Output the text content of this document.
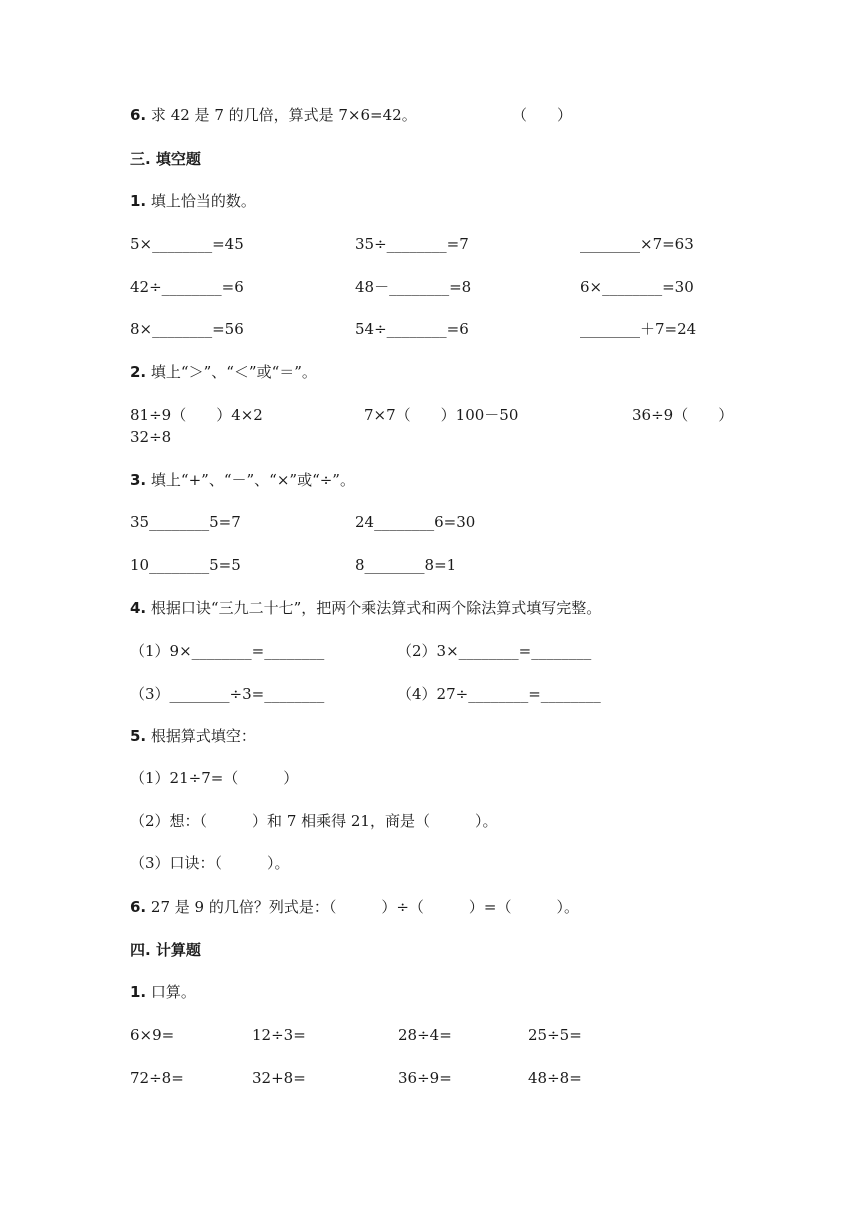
6. 求 42 是 7 的几倍，算式是 7×6=42。	（　　）
三. 填空题
1. 填上恰当的数。
5×________=45	35÷________=7	________×7=63
42÷________=6	48－________=8	6×________=30
8×________=56	54÷________=6	________＋7=24
2. 填上“＞”、“＜”或“＝”。
81÷9（　　）4×2	7×7（　　）100－50	36÷9（　　）
32÷8
3. 填上“+”、“－”、“×”或“÷”。
35________5=7	24________6=30
10________5=5	8________8=1
4. 根据口诀“三九二十七”，把两个乘法算式和两个除法算式填写完整。
（1）9×________=________	（2）3×________=________
（3）________÷3=________	（4）27÷________=________
5. 根据算式填空：
（1）21÷7=（　　　）
（2）想：（　　　）和 7 相乘得 21，商是（　　　）。
（3）口诀：（　　　）。
6. 27 是 9 的几倍？列式是：（　　　）÷（　　　）=（　　　）。
四. 计算题
1. 口算。
6×9=	12÷3=	28÷4=	25÷5=
72÷8=	32+8=	36÷9=	48÷8=
